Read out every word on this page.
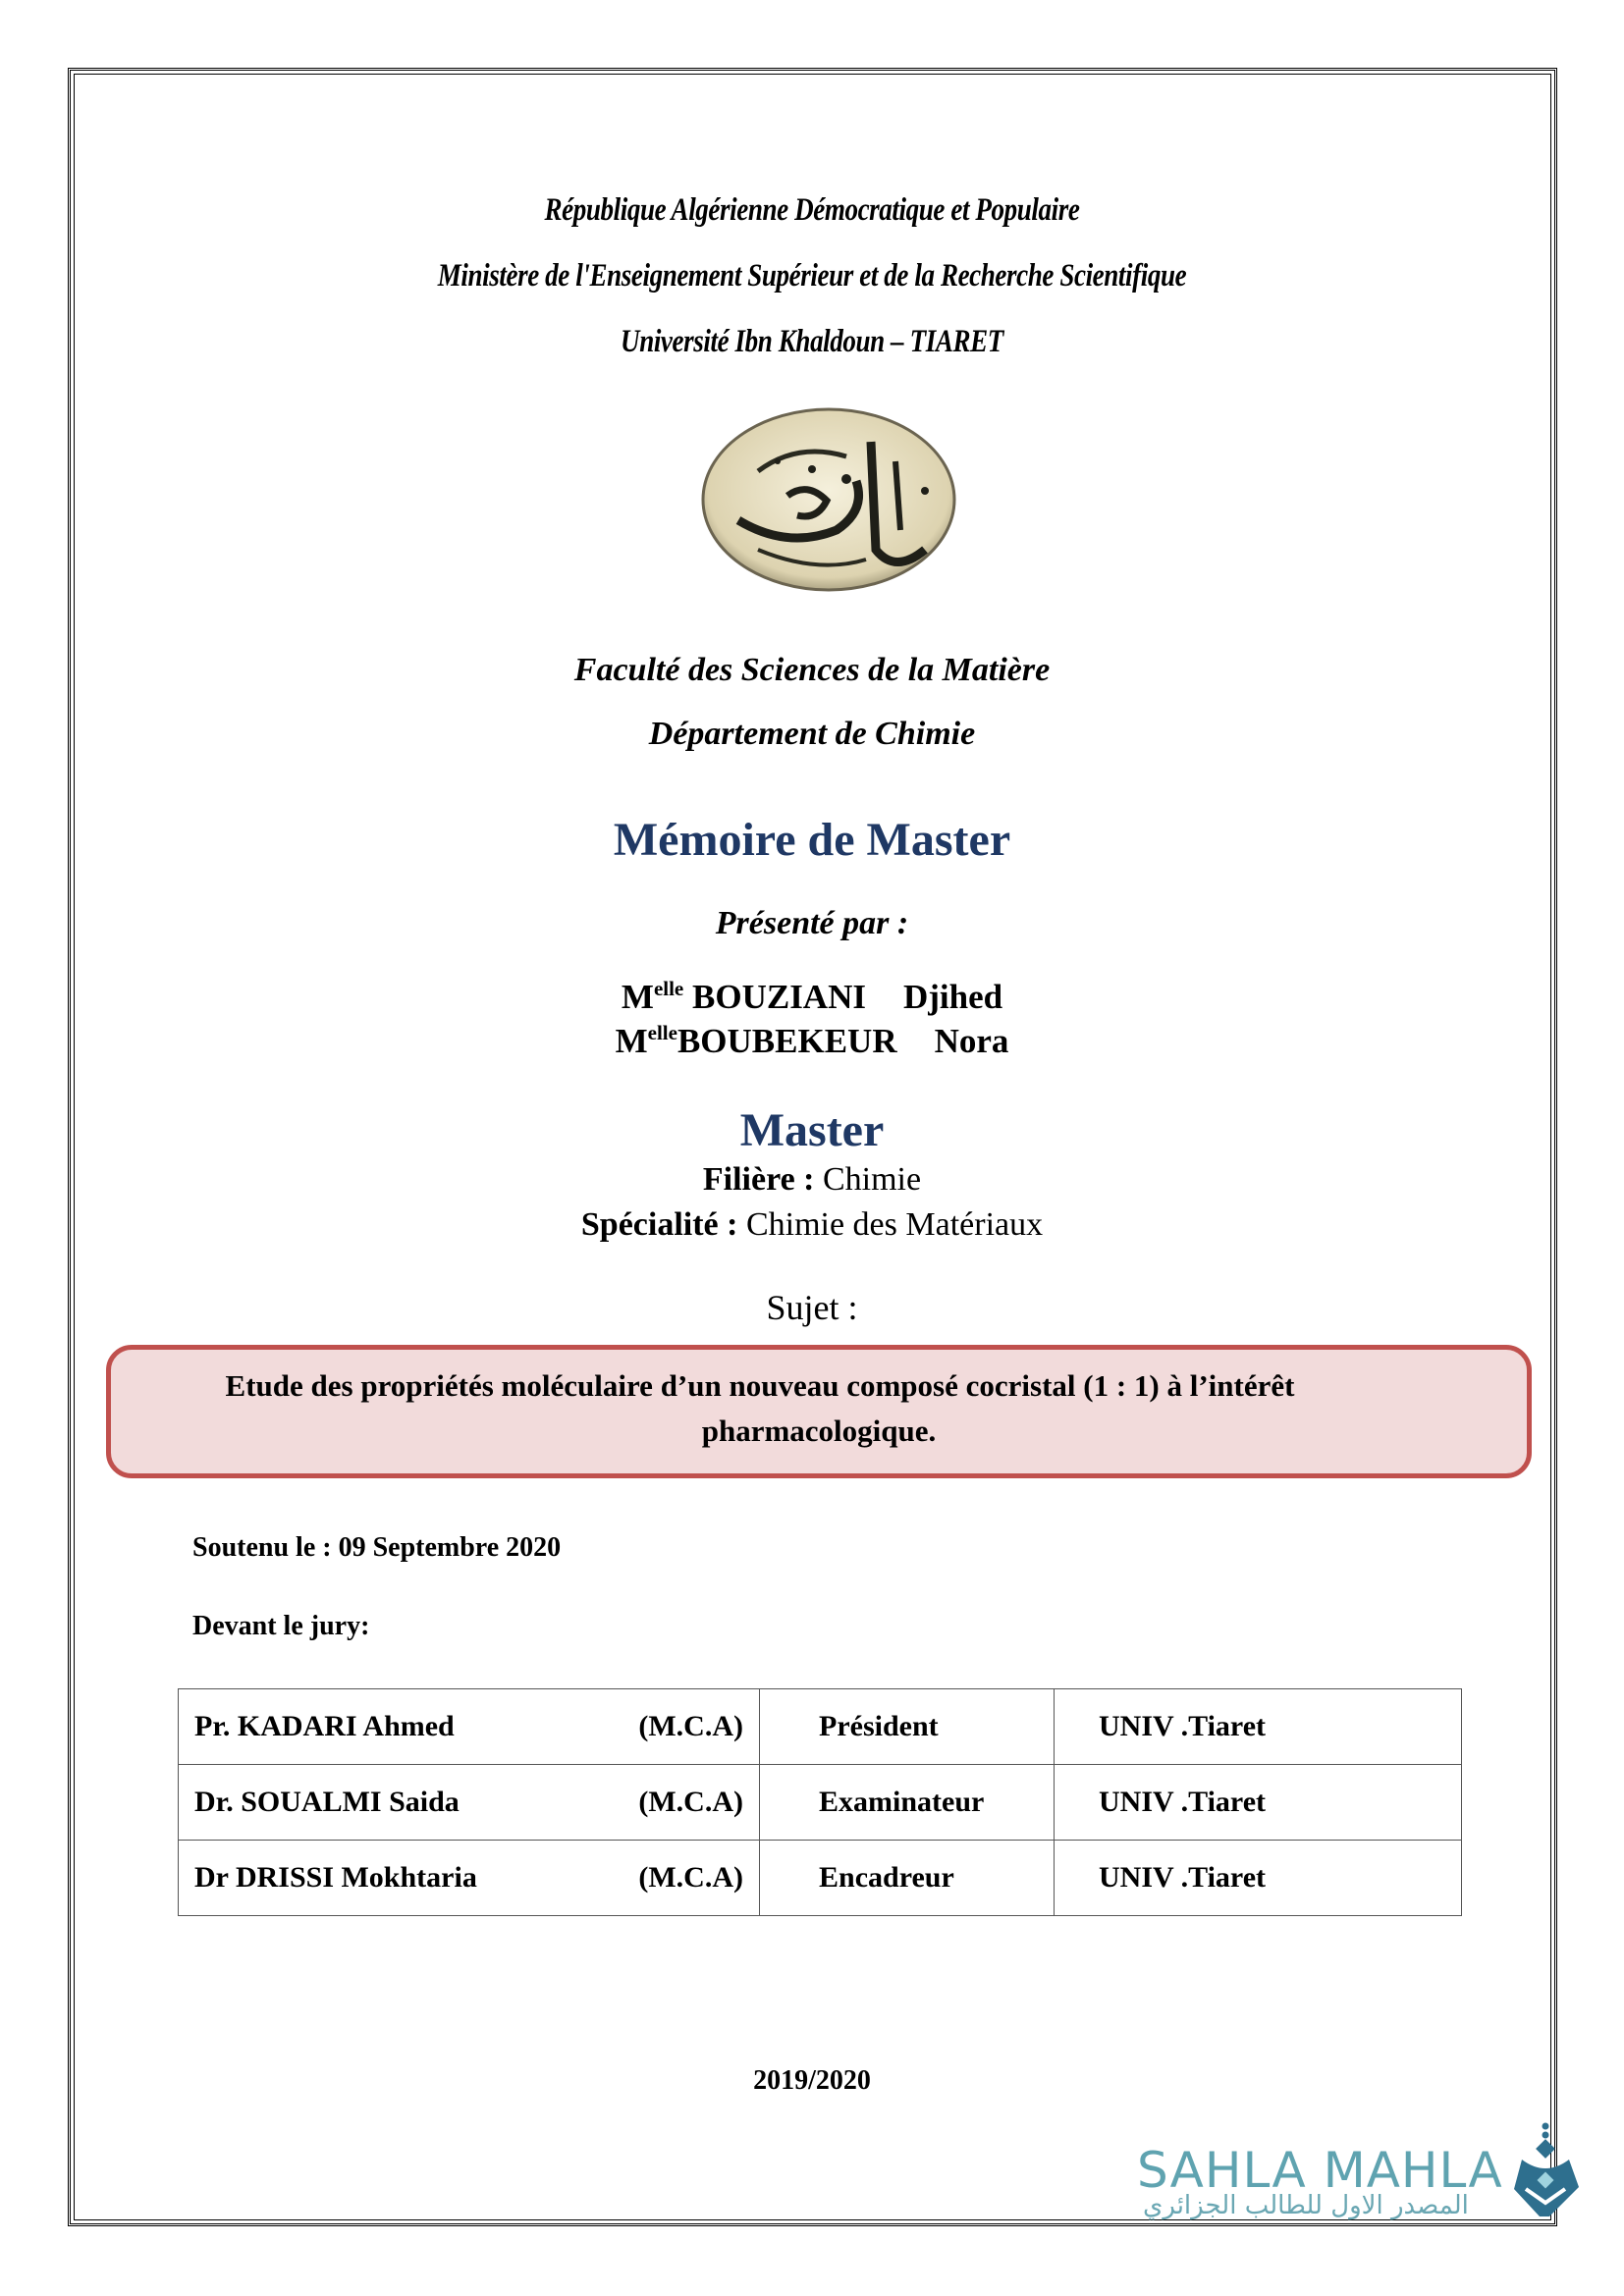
République Algérienne Démocratique et Populaire
Ministère de l'Enseignement Supérieur et de la Recherche Scientifique
Université Ibn Khaldoun – TIARET
Faculté des Sciences de la Matière
Département de Chimie
Mémoire de Master
Présenté par :
$M^{elle}$ BOUZIANI Djihed
$M^{elle}BOUBEKEUR$ Nora
Master
Filière : Chimie
Spécialité : Chimie des Matériaux
Sujet :
Etude des propriétés moléculaire d’un nouveau composé cocristal (1 : 1) à l’intérêt
pharmacologique.
Soutenu le : 09 Septembre 2020
Devant le jury:
Pr. KADARI Ahmed (M.C.A)	Président	UNIV .Tiaret

Dr. SOUALMI Saida (M.C.A)	Examinateur	UNIV .Tiaret

Dr DRISSI Mokhtaria (M.C.A)	Encadreur	UNIV .Tiaret
2019/2020
SAHLA MAHLA
المصدر الاول للطالب الجزائري
